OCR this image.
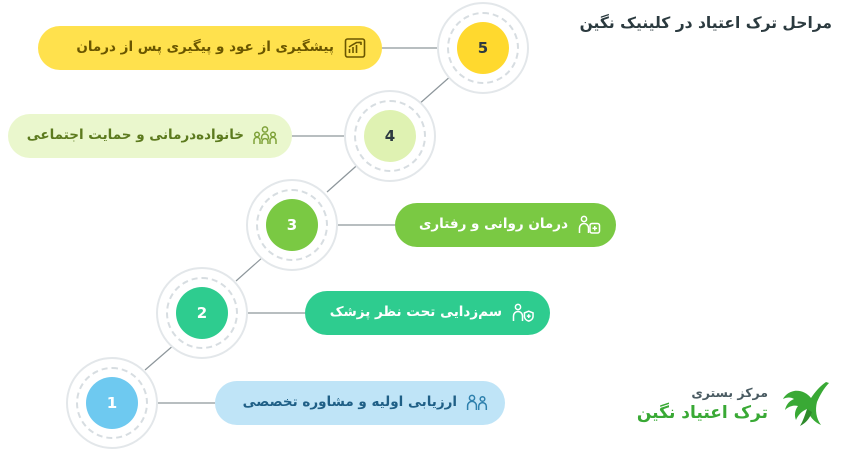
مراحل ترک اعتیاد در کلینیک نگین
5
پیشگیری از عود و پیگیری پس از درمان
4
خانواده‌درمانی و حمایت اجتماعی
3	درمان روانی و رفتاری
2	سم‌زدایی تحت نظر پزشک
1	ارزیابی اولیه و مشاوره تخصصی
مرکز بستری
ترک اعتیاد نگین
